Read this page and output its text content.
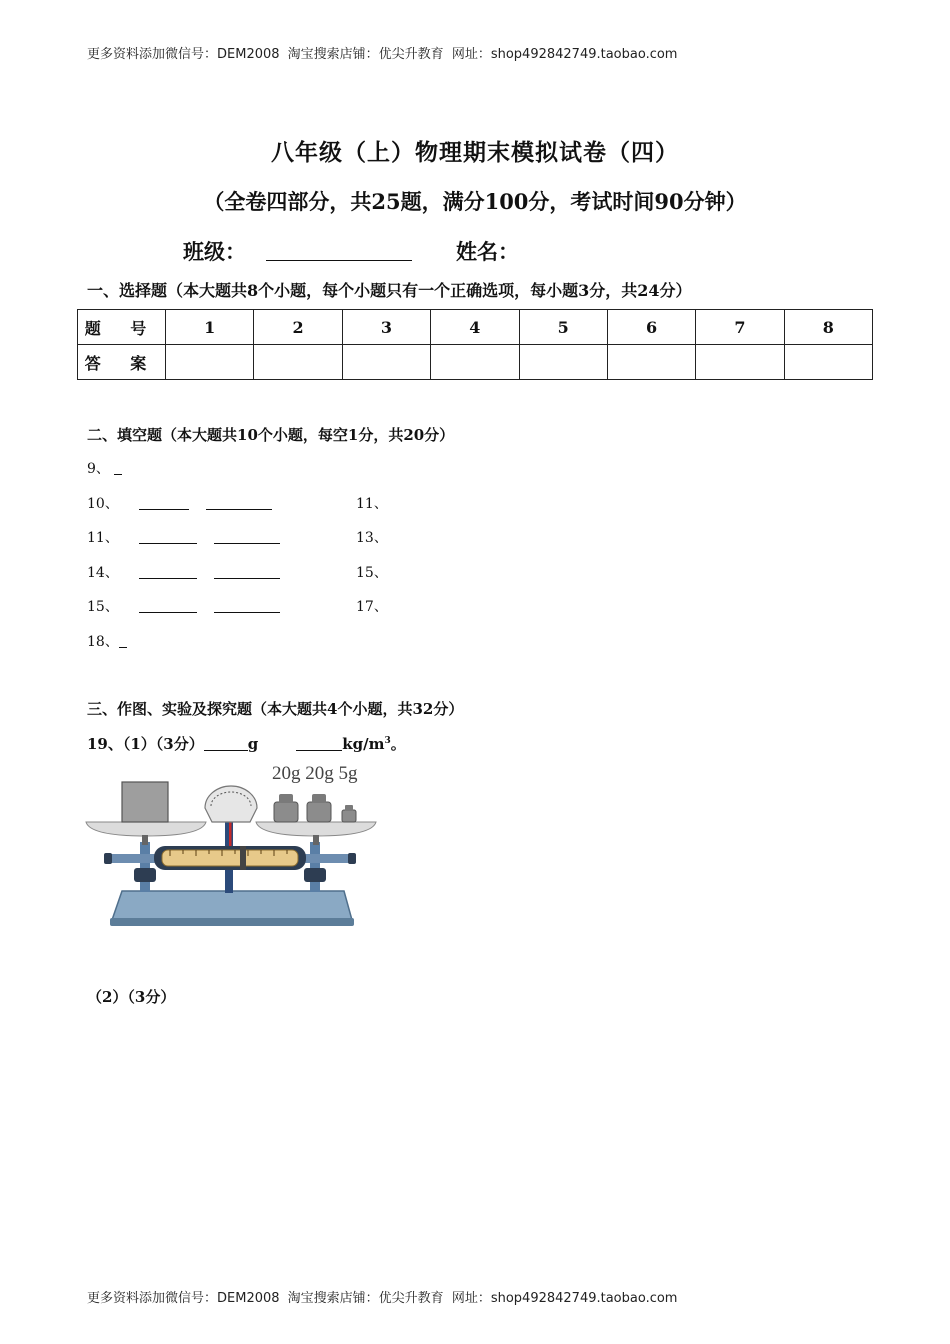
更多资料添加微信号：DEM2008 淘宝搜索店铺：优尖升教育 网址：shop492842749.taobao.com
八年级（上）物理期末模拟试卷（四）
（全卷四部分，共25题，满分100分，考试时间90分钟）
班级：	姓名：
一、选择题（本大题共8个小题，每个小题只有一个正确选项，每小题3分，共24分）
题 号	1	2	3	4	5	6	7	8
答 案								
二、填空题（本大题共10个小题，每空1分，共20分）
9、
10、	11、
11、	13、
14、	15、
15、	17、
18、
三、作图、实验及探究题（本大题共4个小题，共32分）
19、（1）（3分）	g	$kg/m^3$。
20g 20g 5g
（2）（3分）
更多资料添加微信号：DEM2008 淘宝搜索店铺：优尖升教育 网址：shop492842749.taobao.com
